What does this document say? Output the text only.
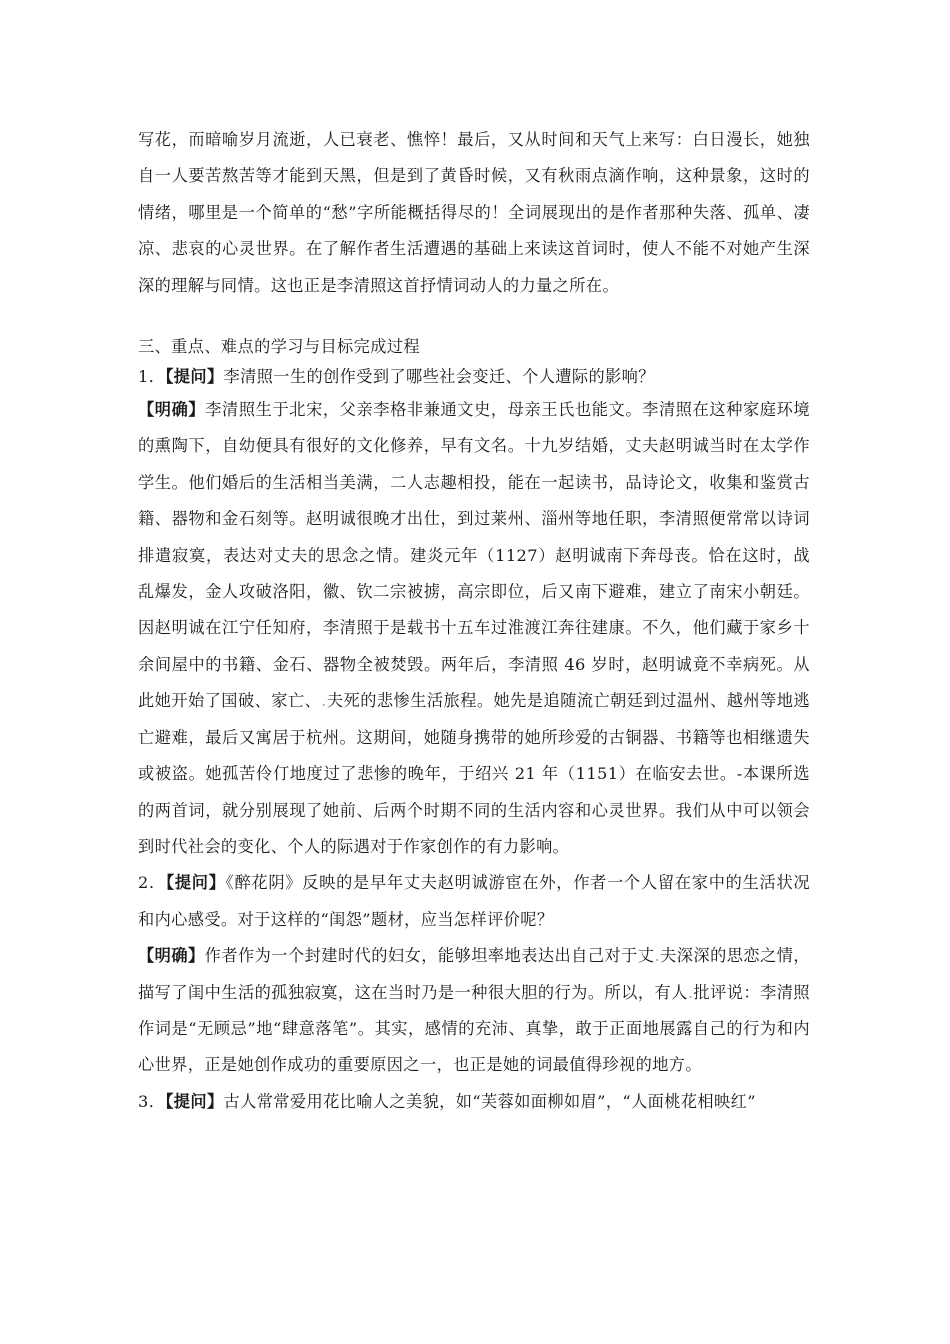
写花，而暗喻岁月流逝，人已衰老、憔悴！最后，又从时间和天气上来写：白日漫长，她独自一人要苦熬苦等才能到天黑，但是到了黄昏时候，又有秋雨点滴作响，这种景象，这时的情绪，哪里是一个简单的“愁”字所能概括得尽的！全词展现出的是作者那种失落、孤单、凄凉、悲哀的心灵世界。在了解作者生活遭遇的基础上来读这首词时，使人不能不对她产生深深的理解与同情。这也正是李清照这首抒情词动人的力量之所在。

三、重点、难点的学习与目标完成过程

1．【提问】李清照一生的创作受到了哪些社会变迁、个人遭际的影响？

【明确】李清照生于北宋，父亲李格非兼通文史，母亲王氏也能文。李清照在这种家庭环境的熏陶下，自幼便具有很好的文化修养，早有文名。十九岁结婚，丈夫赵明诚当时在太学作学生。他们婚后的生活相当美满，二人志趣相投，能在一起读书，品诗论文，收集和鉴赏古籍、器物和金石刻等。赵明诚很晚才出仕，到过莱州、淄州等地任职，李清照便常常以诗词排遣寂寞，表达对丈夫的思念之情。建炎元年（1127）赵明诚南下奔母丧。恰在这时，战乱爆发，金人攻破洛阳，徽、钦二宗被掳，高宗即位，后又南下避难，建立了南宋小朝廷。因赵明诚在江宁任知府，李清照于是载书十五车过淮渡江奔往建康。不久，他们藏于家乡十余间屋中的书籍、金石、器物全被焚毁。两年后，李清照 46 岁时，赵明诚竟不幸病死。从此她开始了国破、家亡、.夫死的悲惨生活旅程。她先是追随流亡朝廷到过温州、越州等地逃亡避难，最后又寓居于杭州。这期间，她随身携带的她所珍爱的古铜器、书籍等也相继遗失或被盗。她孤苦伶仃地度过了悲惨的晚年，于绍兴 21 年（1151）在临安去世。-本课所选的两首词，就分别展现了她前、后两个时期不同的生活内容和心灵世界。我们从中可以领会到时代社会的变化、个人的际遇对于作家创作的有力影响。

2．【提问】《醉花阴》反映的是早年丈夫赵明诚游宦在外，作者一个人留在家中的生活状况和内心感受。对于这样的“闺怨”题材，应当怎样评价呢？

【明确】作者作为一个封建时代的妇女，能够坦率地表达出自己对于丈.夫深深的思恋之情，描写了闺中生活的孤独寂寞，这在当时乃是一种很大胆的行为。所以，有人.批评说：李清照作词是“无顾忌”地“肆意落笔”。其实，感情的充沛、真挚，敢于正面地展露自己的行为和内心世界，正是她创作成功的重要原因之一，也正是她的词最值得珍视的地方。

3．【提问】古人常常爱用花比喻人之美貌，如“芙蓉如面柳如眉”，“人面桃花相映红”
